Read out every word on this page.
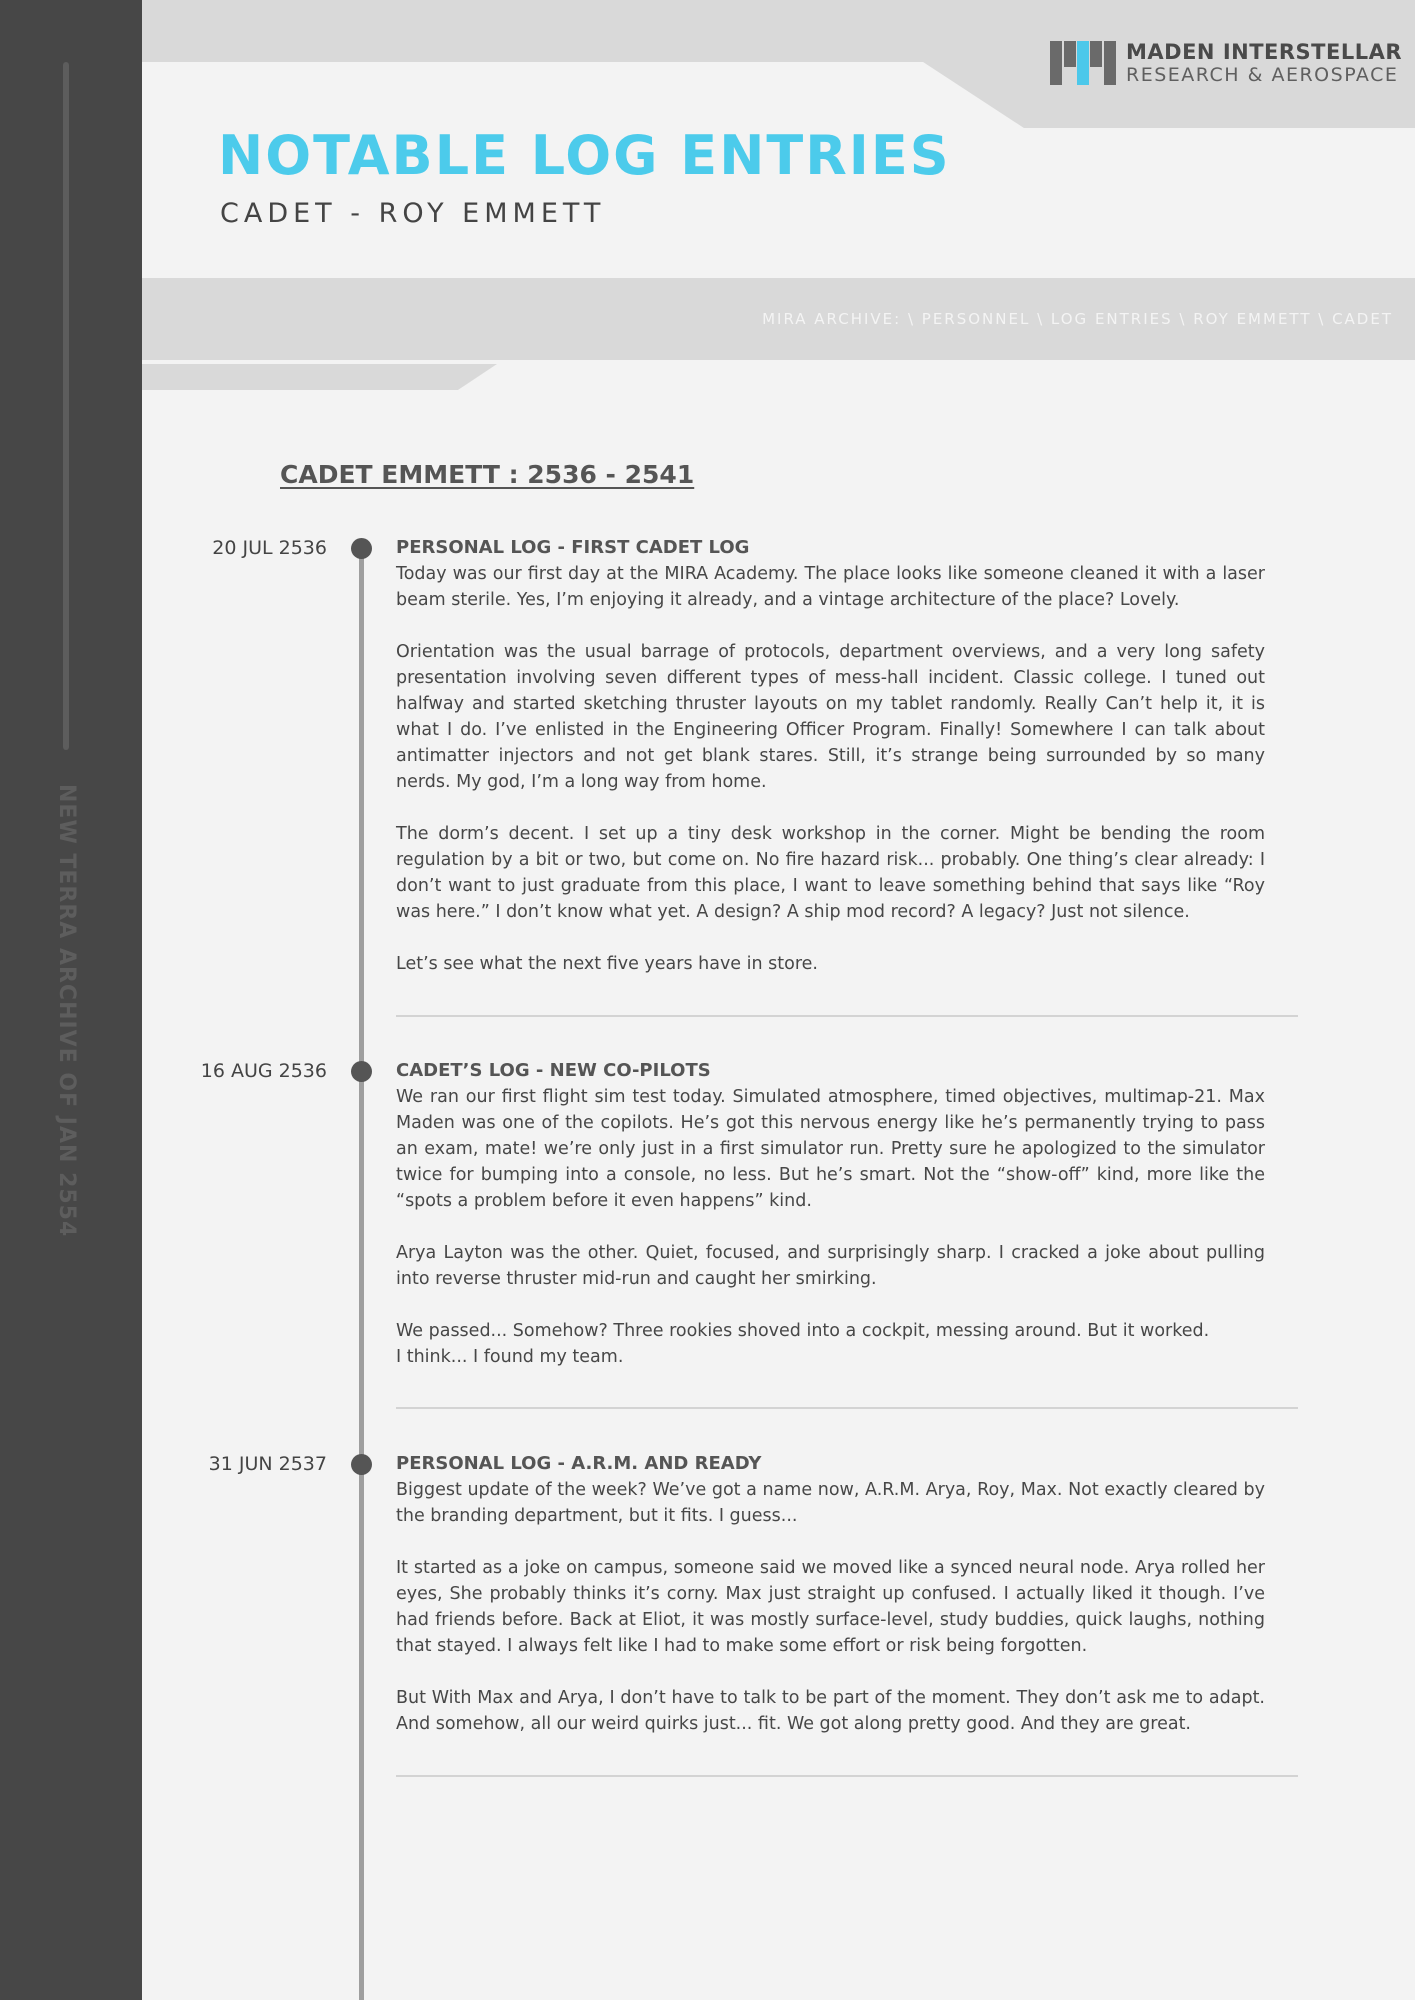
NEW TERRA ARCHIVE OF JAN 2554
MADEN INTERSTELLAR
RESEARCH & AEROSPACE
NOTABLE LOG ENTRIES
CADET - ROY EMMETT
MIRA ARCHIVE: \ PERSONNEL \ LOG ENTRIES \ ROY EMMETT \ CADET
CADET EMMETT : 2536 - 2541
20 JUL 2536	PERSONAL LOG - FIRST CADET LOG

Today was our first day at the MIRA Academy. The place looks like someone cleaned it with a laser beam sterile. Yes, I’m enjoying it already, and a vintage architecture of the place? Lovely.

Orientation was the usual barrage of protocols, department overviews, and a very long safety presentation involving seven different types of mess-hall incident. Classic college. I tuned out halfway and started sketching thruster layouts on my tablet randomly. Really Can’t help it, it is what I do. I’ve enlisted in the Engineering Officer Program. Finally! Somewhere I can talk about antimatter injectors and not get blank stares. Still, it’s strange being surrounded by so many nerds. My god, I’m a long way from home.

The dorm’s decent. I set up a tiny desk workshop in the corner. Might be bending the room regulation by a bit or two, but come on. No fire hazard risk... probably. One thing’s clear already: I don’t want to just graduate from this place, I want to leave something behind that says like “Roy was here.” I don’t know what yet. A design? A ship mod record? A legacy? Just not silence.

Let’s see what the next five years have in store.

16 AUG 2536	CADET’S LOG - NEW CO-PILOTS

We ran our first flight sim test today. Simulated atmosphere, timed objectives, multimap-21. Max Maden was one of the copilots. He’s got this nervous energy like he’s permanently trying to pass an exam, mate! we’re only just in a first simulator run. Pretty sure he apologized to the simulator twice for bumping into a console, no less. But he’s smart. Not the “show-off” kind, more like the “spots a problem before it even happens” kind.

Arya Layton was the other. Quiet, focused, and surprisingly sharp. I cracked a joke about pulling into reverse thruster mid-run and caught her smirking.

We passed... Somehow? Three rookies shoved into a cockpit, messing around. But it worked.

I think... I found my team.

31 JUN 2537	PERSONAL LOG - A.R.M. AND READY

Biggest update of the week? We’ve got a name now, A.R.M. Arya, Roy, Max. Not exactly cleared by the branding department, but it fits. I guess...

It started as a joke on campus, someone said we moved like a synced neural node. Arya rolled her eyes, She probably thinks it’s corny. Max just straight up confused. I actually liked it though. I’ve had friends before. Back at Eliot, it was mostly surface-level, study buddies, quick laughs, nothing that stayed. I always felt like I had to make some effort or risk being forgotten.

But With Max and Arya, I don’t have to talk to be part of the moment. They don’t ask me to adapt. And somehow, all our weird quirks just... fit. We got along pretty good. And they are great.
